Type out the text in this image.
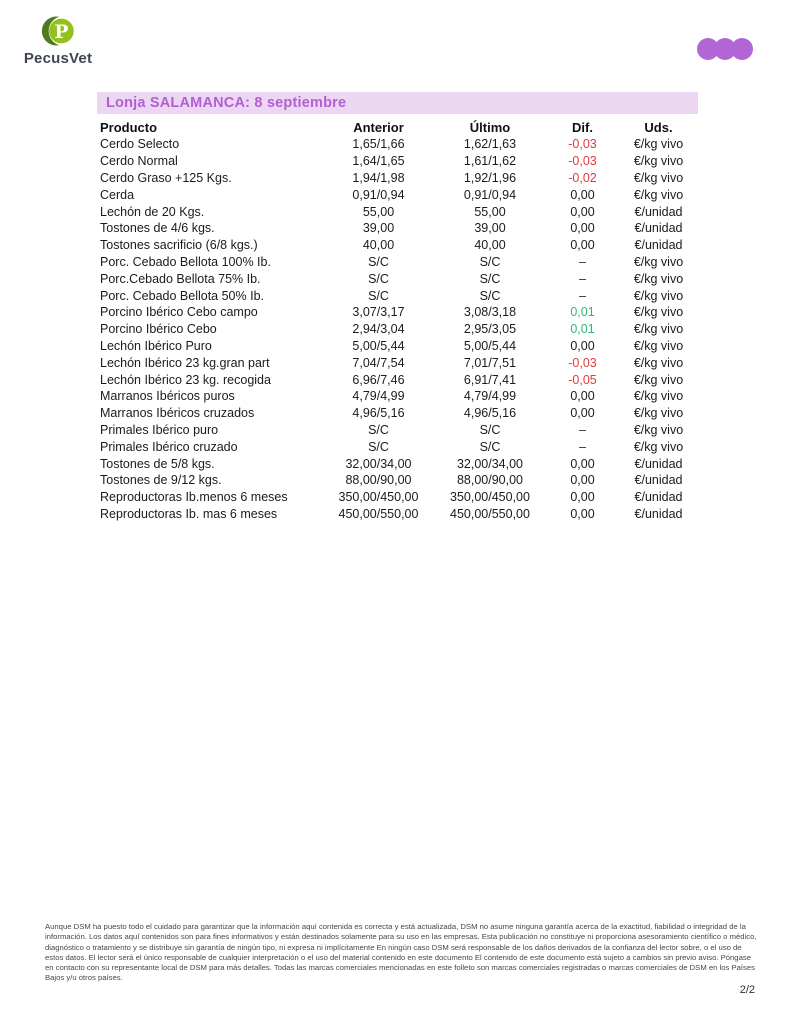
P
PecusVet
Lonja SALAMANCA: 8 septiembre
Producto	Anterior	Último	Dif.	Uds.
Cerdo Selecto	1,65/1,66	1,62/1,63	-0,03	€/kg vivo
Cerdo Normal	1,64/1,65	1,61/1,62	-0,03	€/kg vivo
Cerdo Graso +125 Kgs.	1,94/1,98	1,92/1,96	-0,02	€/kg vivo
Cerda	0,91/0,94	0,91/0,94	0,00	€/kg vivo
Lechón de 20 Kgs.	55,00	55,00	0,00	€/unidad
Tostones de 4/6 kgs.	39,00	39,00	0,00	€/unidad
Tostones sacrificio (6/8 kgs.)	40,00	40,00	0,00	€/unidad
Porc. Cebado Bellota 100% Ib.	S/C	S/C	–	€/kg vivo
Porc.Cebado Bellota 75% Ib.	S/C	S/C	–	€/kg vivo
Porc. Cebado Bellota 50% Ib.	S/C	S/C	–	€/kg vivo
Porcino Ibérico Cebo campo	3,07/3,17	3,08/3,18	0,01	€/kg vivo
Porcino Ibérico Cebo	2,94/3,04	2,95/3,05	0,01	€/kg vivo
Lechón Ibérico Puro	5,00/5,44	5,00/5,44	0,00	€/kg vivo
Lechón Ibérico 23 kg.gran part	7,04/7,54	7,01/7,51	-0,03	€/kg vivo
Lechón Ibérico 23 kg. recogida	6,96/7,46	6,91/7,41	-0,05	€/kg vivo
Marranos Ibéricos puros	4,79/4,99	4,79/4,99	0,00	€/kg vivo
Marranos Ibéricos cruzados	4,96/5,16	4,96/5,16	0,00	€/kg vivo
Primales Ibérico puro	S/C	S/C	–	€/kg vivo
Primales Ibérico cruzado	S/C	S/C	–	€/kg vivo
Tostones de 5/8 kgs.	32,00/34,00	32,00/34,00	0,00	€/unidad
Tostones de 9/12 kgs.	88,00/90,00	88,00/90,00	0,00	€/unidad
Reproductoras Ib.menos 6 meses	350,00/450,00	350,00/450,00	0,00	€/unidad
Reproductoras Ib. mas 6 meses	450,00/550,00	450,00/550,00	0,00	€/unidad

Aunque DSM ha puesto todo el cuidado para garantizar que la información aquí contenida es correcta y está actualizada, DSM no asume ninguna garantía acerca de la exactitud, fiabilidad o integridad de la información. Los datos aquí contenidos son para fines informativos y están destinados solamente para su uso en las empresas. Esta publicación no constituye ni proporciona asesoramiento científico o médico, diagnóstico o tratamiento y se distribuye sin garantía de ningún tipo, ni expresa ni implícitamente En ningún caso DSM será responsable de los daños derivados de la confianza del lector sobre, o el uso de estos datos. El lector será el único responsable de cualquier interpretación o el uso del material contenido en este documento El contenido de este documento está sujeto a cambios sin previo aviso. Póngase en contacto con su representante local de DSM para más detalles. Todas las marcas comerciales mencionadas en este folleto son marcas comerciales registradas o marcas comerciales de DSM en los Países Bajos y/u otros países.

2/2
